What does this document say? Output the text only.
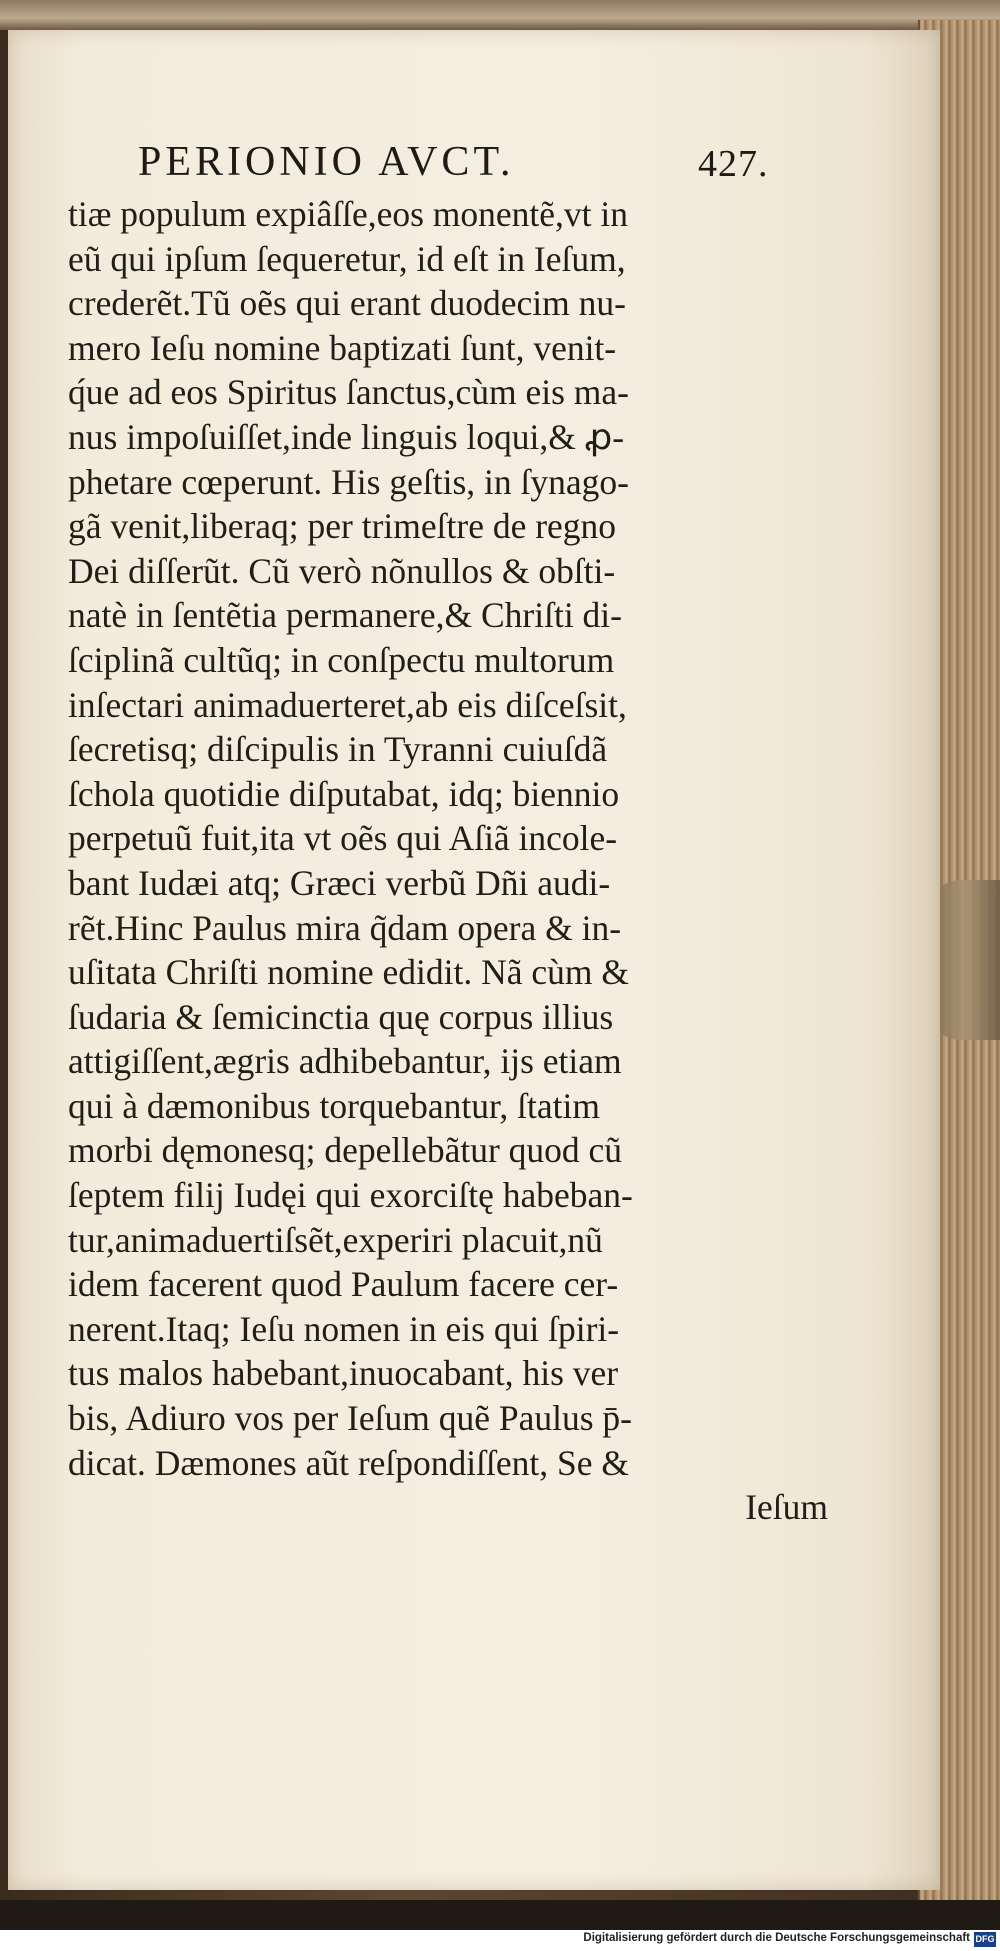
PERIONIO AVCT.	427.
tiæ populum expiâſſe,eos monentẽ,vt in
eũ qui ipſum ſequeretur, id eſt in Ieſum,
crederẽt.Tũ oẽs qui erant duodecim nu-
mero Ieſu nomine baptizati ſunt, venit-
q́ue ad eos Spiritus ſanctus,cùm eis ma-
nus impoſuiſſet,inde linguis loqui,& ꝓ-
phetare cœperunt. His geſtis, in ſynago-
gã venit,liberaq; per trimeſtre de regno
Dei diſſerũt. Cũ verò nõnullos & obſti-
natè in ſentẽtia permanere,& Chriſti di-
ſciplinã cultũq; in conſpectu multorum
inſectari animaduerteret,ab eis diſceſsit,
ſecretisq; diſcipulis in Tyranni cuiuſdã
ſchola quotidie diſputabat, idq; biennio
perpetuũ fuit,ita vt oẽs qui Aſiã incole-
bant Iudæi atq; Græci verbũ Dñi audi-
rẽt.Hinc Paulus mira q̃dam opera & in-
uſitata Chriſti nomine edidit. Nã cùm &
ſudaria & ſemicinctia quę corpus illius
attigiſſent,ægris adhibebantur, ijs etiam
qui à dæmonibus torquebantur, ſtatim
morbi dęmonesq; depellebãtur quod cũ
ſeptem filij Iudęi qui exorciſtę habeban-
tur,animaduertiſsẽt,experiri placuit,nũ
idem facerent quod Paulum facere cer-
nerent.Itaq; Ieſu nomen in eis qui ſpiri-
tus malos habebant,inuocabant, his ver
bis, Adiuro vos per Ieſum quẽ Paulus p̄-
dicat. Dæmones aũt reſpondiſſent, Se &
Ieſum
Digitalisierung gefördert durch die Deutsche Forschungsgemeinschaft DFG
